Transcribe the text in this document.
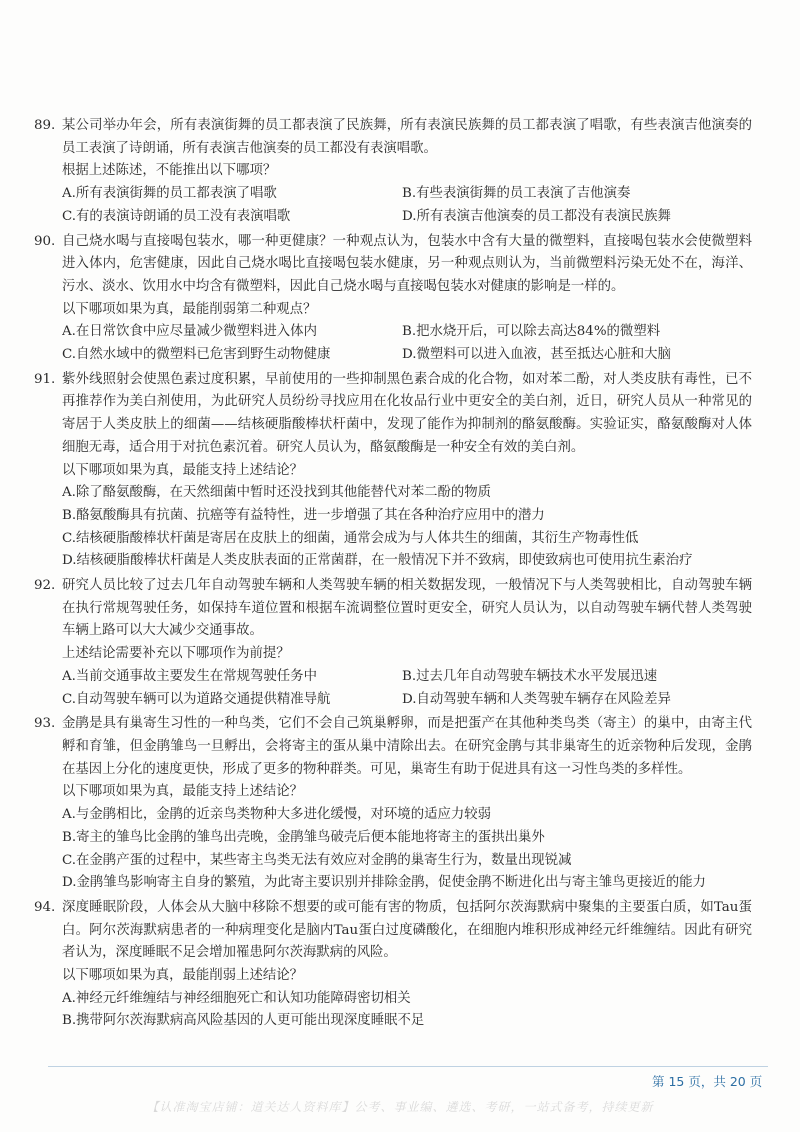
89. 某公司举办年会，所有表演街舞的员工都表演了民族舞，所有表演民族舞的员工都表演了唱歌，有些表演吉他演奏的员工表演了诗朗诵，所有表演吉他演奏的员工都没有表演唱歌。

根据上述陈述，不能推出以下哪项？

A.所有表演街舞的员工都表演了唱歌	B.有些表演街舞的员工表演了吉他演奏
C.有的表演诗朗诵的员工没有表演唱歌	D.所有表演吉他演奏的员工都没有表演民族舞
90. 自己烧水喝与直接喝包装水，哪一种更健康？一种观点认为，包装水中含有大量的微塑料，直接喝包装水会使微塑料进入体内，危害健康，因此自己烧水喝比直接喝包装水健康，另一种观点则认为，当前微塑料污染无处不在，海洋、污水、淡水、饮用水中均含有微塑料，因此自己烧水喝与直接喝包装水对健康的影响是一样的。

以下哪项如果为真，最能削弱第二种观点？

A.在日常饮食中应尽量减少微塑料进入体内	B.把水烧开后，可以除去高达84%的微塑料
C.自然水域中的微塑料已危害到野生动物健康	D.微塑料可以进入血液，甚至抵达心脏和大脑
91. 紫外线照射会使黑色素过度积累，早前使用的一些抑制黑色素合成的化合物，如对苯二酚，对人类皮肤有毒性，已不再推荐作为美白剂使用，为此研究人员纷纷寻找应用在化妆品行业中更安全的美白剂，近日，研究人员从一种常见的寄居于人类皮肤上的细菌——结核硬脂酸棒状杆菌中，发现了能作为抑制剂的酪氨酸酶。实验证实，酪氨酸酶对人体细胞无毒，适合用于对抗色素沉着。研究人员认为，酪氨酸酶是一种安全有效的美白剂。

以下哪项如果为真，最能支持上述结论？

A.除了酪氨酸酶，在天然细菌中暂时还没找到其他能替代对苯二酚的物质
B.酪氨酸酶具有抗菌、抗癌等有益特性，进一步增强了其在各种治疗应用中的潜力
C.结核硬脂酸棒状杆菌是寄居在皮肤上的细菌，通常会成为与人体共生的细菌，其衍生产物毒性低
D.结核硬脂酸棒状杆菌是人类皮肤表面的正常菌群，在一般情况下并不致病，即使致病也可使用抗生素治疗
92. 研究人员比较了过去几年自动驾驶车辆和人类驾驶车辆的相关数据发现，一般情况下与人类驾驶相比，自动驾驶车辆在执行常规驾驶任务，如保持车道位置和根据车流调整位置时更安全，研究人员认为，以自动驾驶车辆代替人类驾驶车辆上路可以大大减少交通事故。

上述结论需要补充以下哪项作为前提？

A.当前交通事故主要发生在常规驾驶任务中	B.过去几年自动驾驶车辆技术水平发展迅速
C.自动驾驶车辆可以为道路交通提供精准导航	D.自动驾驶车辆和人类驾驶车辆存在风险差异
93. 金鹃是具有巢寄生习性的一种鸟类，它们不会自己筑巢孵卵，而是把蛋产在其他种类鸟类（寄主）的巢中，由寄主代孵和育雏，但金鹃雏鸟一旦孵出，会将寄主的蛋从巢中清除出去。在研究金鹃与其非巢寄生的近亲物种后发现，金鹃在基因上分化的速度更快，形成了更多的物种群类。可见，巢寄生有助于促进具有这一习性鸟类的多样性。

以下哪项如果为真，最能支持上述结论？

A.与金鹃相比，金鹃的近亲鸟类物种大多进化缓慢，对环境的适应力较弱
B.寄主的雏鸟比金鹃的雏鸟出壳晚，金鹃雏鸟破壳后便本能地将寄主的蛋拱出巢外
C.在金鹃产蛋的过程中，某些寄主鸟类无法有效应对金鹃的巢寄生行为，数量出现锐减
D.金鹃雏鸟影响寄主自身的繁殖，为此寄主要识别并排除金鹃，促使金鹃不断进化出与寄主雏鸟更接近的能力
94. 深度睡眠阶段，人体会从大脑中移除不想要的或可能有害的物质，包括阿尔茨海默病中聚集的主要蛋白质，如Tau蛋白。阿尔茨海默病患者的一种病理变化是脑内Tau蛋白过度磷酸化，在细胞内堆积形成神经元纤维缠结。因此有研究者认为，深度睡眠不足会增加罹患阿尔茨海默病的风险。

以下哪项如果为真，最能削弱上述结论？

A.神经元纤维缠结与神经细胞死亡和认知功能障碍密切相关
B.携带阿尔茨海默病高风险基因的人更可能出现深度睡眠不足
第 15 页，共 20 页
【认准淘宝店铺：道关达人资料库】公考、事业编、遴选、考研，一站式备考，持续更新
